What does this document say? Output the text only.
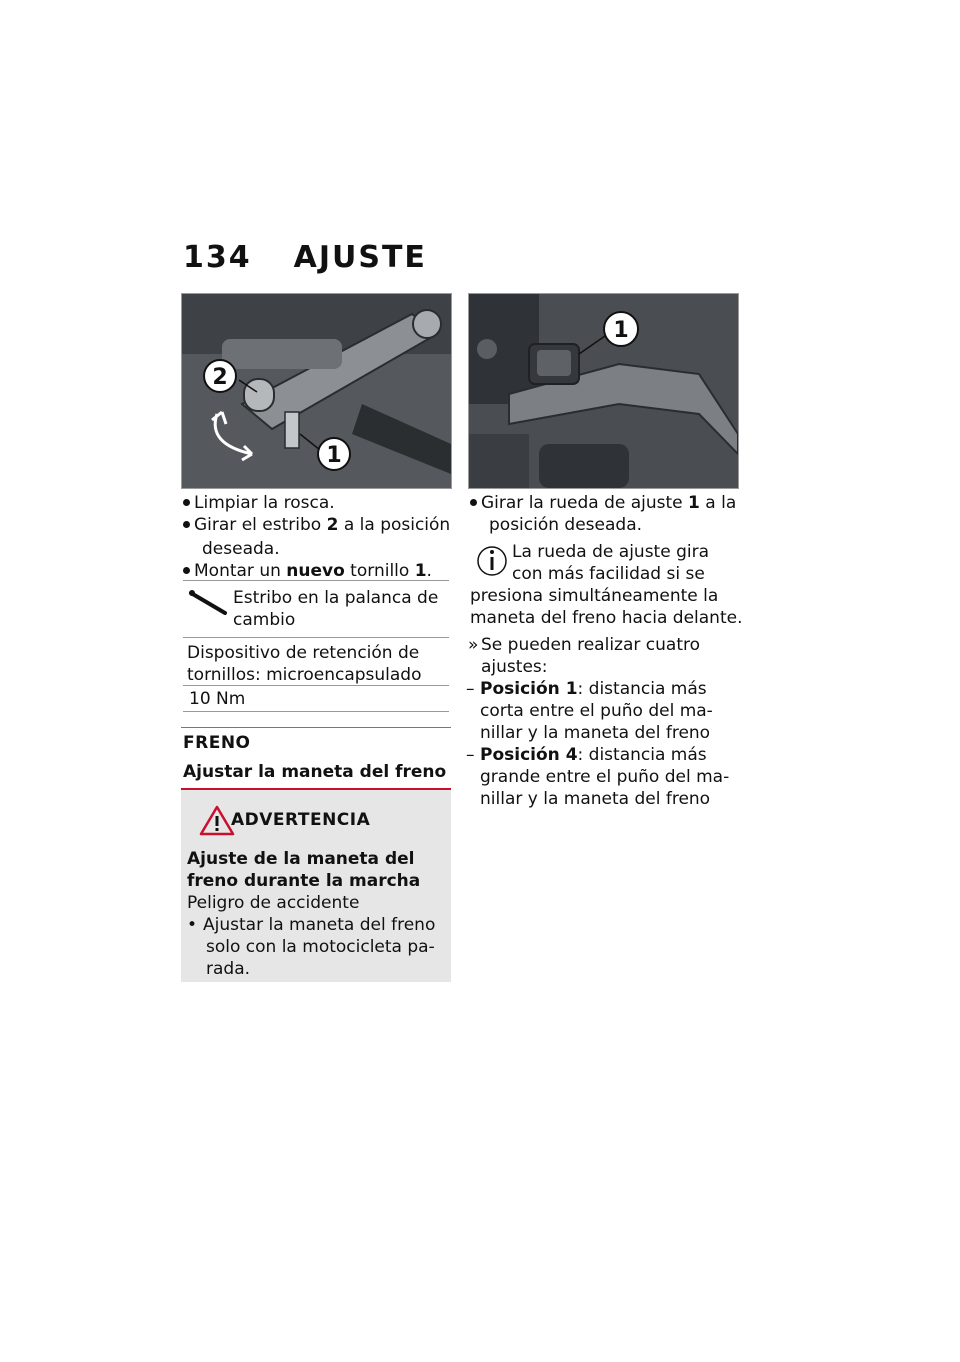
134 AJUSTE
2
1
1
Limpiar la rosca.
Girar el estribo 2 a la posición
deseada.
Montar un nuevo tornillo 1.
Estribo en la palanca de
cambio
Dispositivo de retención de
tornillos: microencapsulado
10 Nm
FRENO
Ajustar la maneta del freno
ADVERTENCIA
Ajuste de la maneta del
freno durante la marcha
Peligro de accidente
• Ajustar la maneta del freno
solo con la motocicleta pa-
rada.
Girar la rueda de ajuste 1 a la
posición deseada.
La rueda de ajuste gira
con más facilidad si se
presiona simultáneamente la
maneta del freno hacia delante.
» Se pueden realizar cuatro
ajustes:
– Posición 1: distancia más
corta entre el puño del ma-
nillar y la maneta del freno
– Posición 4: distancia más
grande entre el puño del ma-
nillar y la maneta del freno
